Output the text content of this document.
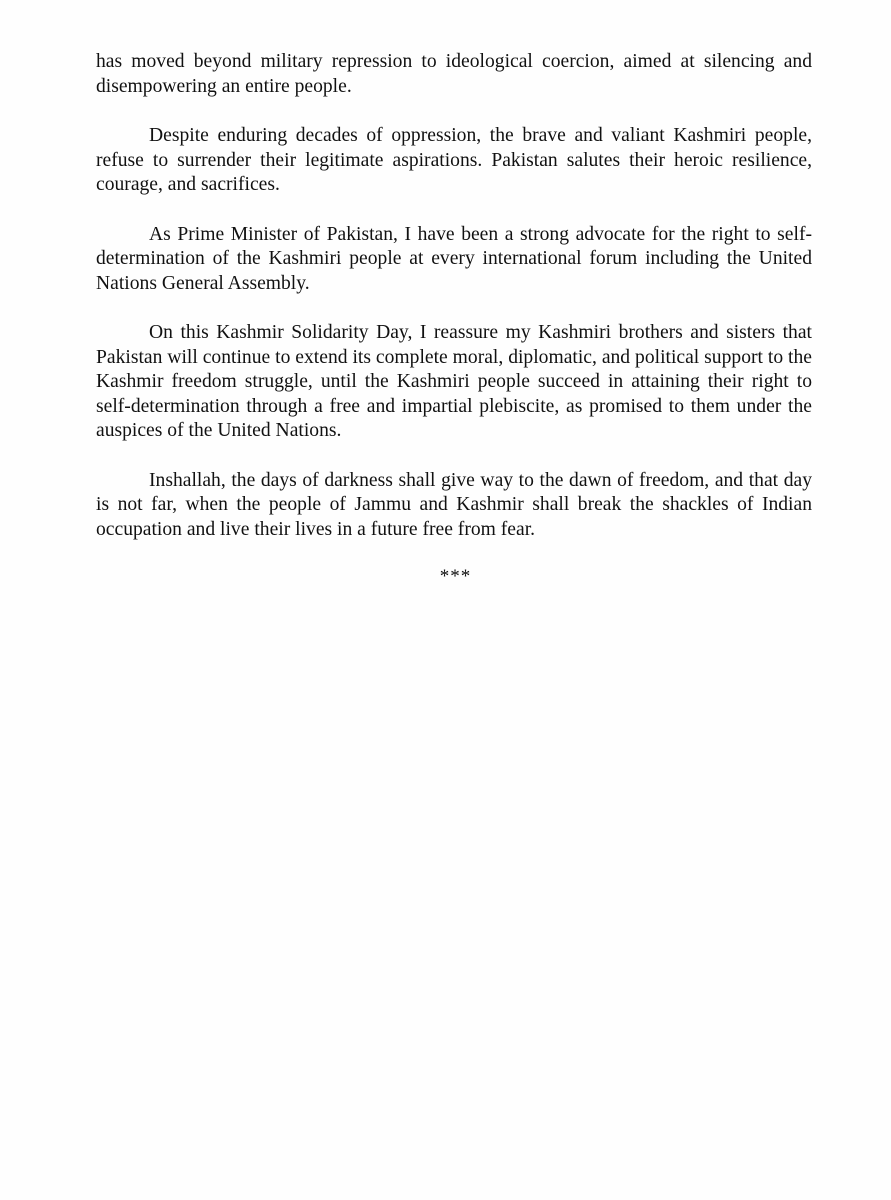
has moved beyond military repression to ideological coercion, aimed at silencing and disempowering an entire people.

Despite enduring decades of oppression, the brave and valiant Kashmiri people, refuse to surrender their legitimate aspirations. Pakistan salutes their heroic resilience, courage, and sacrifices.

As Prime Minister of Pakistan, I have been a strong advocate for the right to self-determination of the Kashmiri people at every international forum including the United Nations General Assembly.

On this Kashmir Solidarity Day, I reassure my Kashmiri brothers and sisters that Pakistan will continue to extend its complete moral, diplomatic, and political support to the Kashmir freedom struggle, until the Kashmiri people succeed in attaining their right to self-determination through a free and impartial plebiscite, as promised to them under the auspices of the United Nations.

Inshallah, the days of darkness shall give way to the dawn of freedom, and that day is not far, when the people of Jammu and Kashmir shall break the shackles of Indian occupation and live their lives in a future free from fear.

***
